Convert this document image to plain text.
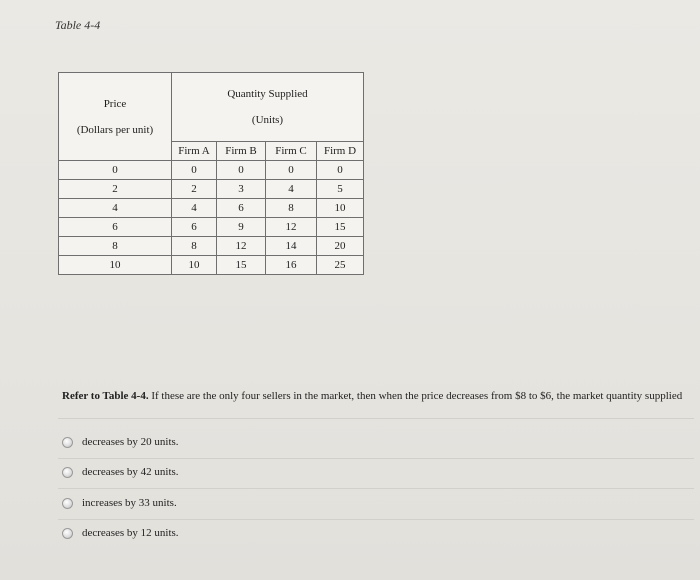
Table 4-4
Price
(Dollars per unit)	Quantity Supplied
(Units)			
	Firm A	Firm B	Firm C	Firm D
0	0	0	0	0
2	2	3	4	5
4	4	6	8	10
6	6	9	12	15
8	8	12	14	20
10	10	15	16	25
Refer to Table 4-4. If these are the only four sellers in the market, then when the price decreases from $8 to $6, the market quantity supplied
decreases by 20 units.
decreases by 42 units.
increases by 33 units.
decreases by 12 units.
